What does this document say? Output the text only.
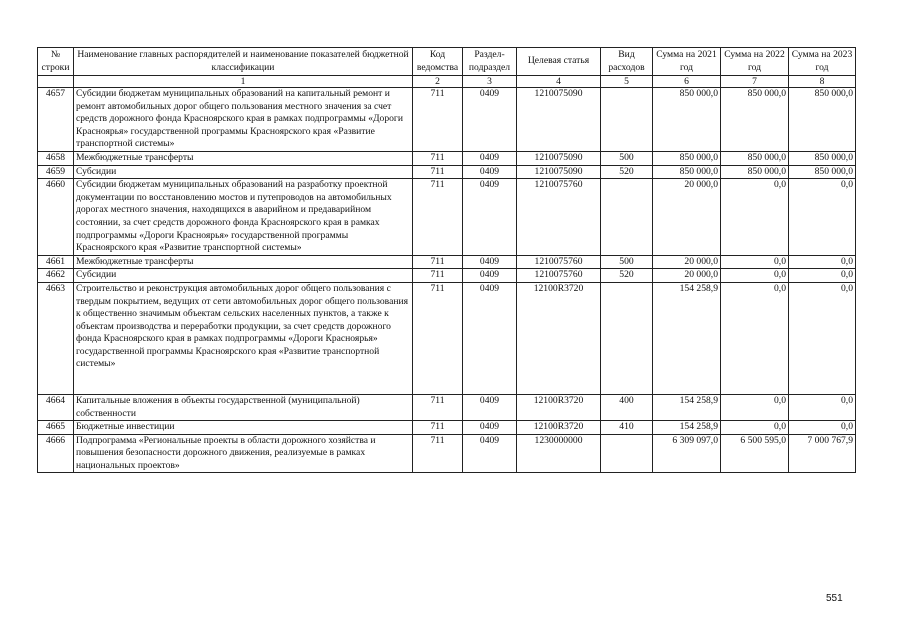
№ строки	Наименование главных распорядителей и наименование показателей бюджетной классификации	Код ведомства	Раздел-подраздел	Целевая статья	Вид расходов	Сумма на 2021 год	Сумма на 2022 год	Сумма на 2023 год
	1	2	3	4	5	6	7	8
4657	Субсидии бюджетам муниципальных образований на капитальный ремонт и ремонт автомобильных дорог общего пользования местного значения за счет средств дорожного фонда Красноярского края в рамках подпрограммы «Дороги Красноярья» государственной программы Красноярского края «Развитие транспортной системы»	711	0409	1210075090		850 000,0	850 000,0	850 000,0
4658	Межбюджетные трансферты	711	0409	1210075090	500	850 000,0	850 000,0	850 000,0
4659	Субсидии	711	0409	1210075090	520	850 000,0	850 000,0	850 000,0
4660	Субсидии бюджетам муниципальных образований на разработку проектной документации по восстановлению мостов и путепроводов на автомобильных дорогах местного значения, находящихся в аварийном и предаварийном состоянии, за счет средств дорожного фонда Красноярского края в рамках подпрограммы «Дороги Красноярья» государственной программы Красноярского края «Развитие транспортной системы»	711	0409	1210075760		20 000,0	0,0	0,0
4661	Межбюджетные трансферты	711	0409	1210075760	500	20 000,0	0,0	0,0
4662	Субсидии	711	0409	1210075760	520	20 000,0	0,0	0,0
4663	Строительство и реконструкция автомобильных дорог общего пользования с твердым покрытием, ведущих от сети автомобильных дорог общего пользования к общественно значимым объектам сельских населенных пунктов, а также к объектам производства и переработки продукции, за счет средств дорожного фонда Красноярского края в рамках подпрограммы «Дороги Красноярья» государственной программы Красноярского края «Развитие транспортной системы»	711	0409	12100R3720		154 258,9	0,0	0,0
4664	Капитальные вложения в объекты государственной (муниципальной) собственности	711	0409	12100R3720	400	154 258,9	0,0	0,0
4665	Бюджетные инвестиции	711	0409	12100R3720	410	154 258,9	0,0	0,0
4666	Подпрограмма «Региональные проекты в области дорожного хозяйства и повышения безопасности дорожного движения, реализуемые в рамках национальных проектов»	711	0409	1230000000		6 309 097,0	6 500 595,0	7 000 767,9
551
